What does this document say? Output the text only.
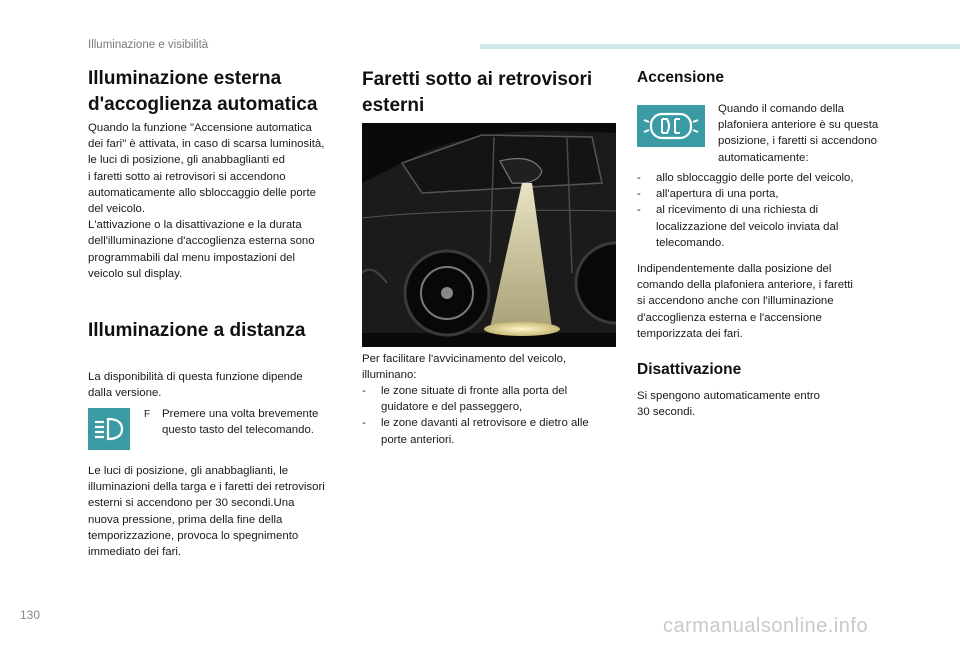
Illuminazione e visibilità
Illuminazione esterna
d'accoglienza automatica

Quando la funzione "Accensione automatica

dei fari" è attivata, in caso di scarsa luminosità,

le luci di posizione, gli anabbaglianti ed

i faretti sotto ai retrovisori si accendono

automaticamente allo sbloccaggio delle porte

del veicolo.

L'attivazione o la disattivazione e la durata

dell'illuminazione d'accoglienza esterna sono

programmabili dal menu impostazioni del

veicolo sul display.

Illuminazione a distanza

La disponibilità di questa funzione dipende

dalla versione.

F Premere una volta brevemente

questo tasto del telecomando.

Le luci di posizione, gli anabbaglianti, le

illuminazioni della targa e i faretti dei retrovisori

esterni si accendono per 30 secondi.Una

nuova pressione, prima della fine della

temporizzazione, provoca lo spegnimento

immediato dei fari.

Faretti sotto ai retrovisori
esterni

Per facilitare l'avvicinamento del veicolo,

illuminano:

- le zone situate di fronte alla porta del
guidatore e del passeggero,
- le zone davanti al retrovisore e dietro alle
porte anteriori.
Accensione

Quando il comando della

plafoniera anteriore è su questa

posizione, i faretti si accendono

automaticamente:

- allo sbloccaggio delle porte del veicolo,
- all'apertura di una porta,
- al ricevimento di una richiesta di
localizzazione del veicolo inviata dal
telecomando.

Indipendentemente dalla posizione del

comando della plafoniera anteriore, i faretti

si accendono anche con l'illuminazione

d'accoglienza esterna e l'accensione

temporizzata dei fari.

Disattivazione

Si spengono automaticamente entro

30 secondi.

130	carmanualsonline.info
